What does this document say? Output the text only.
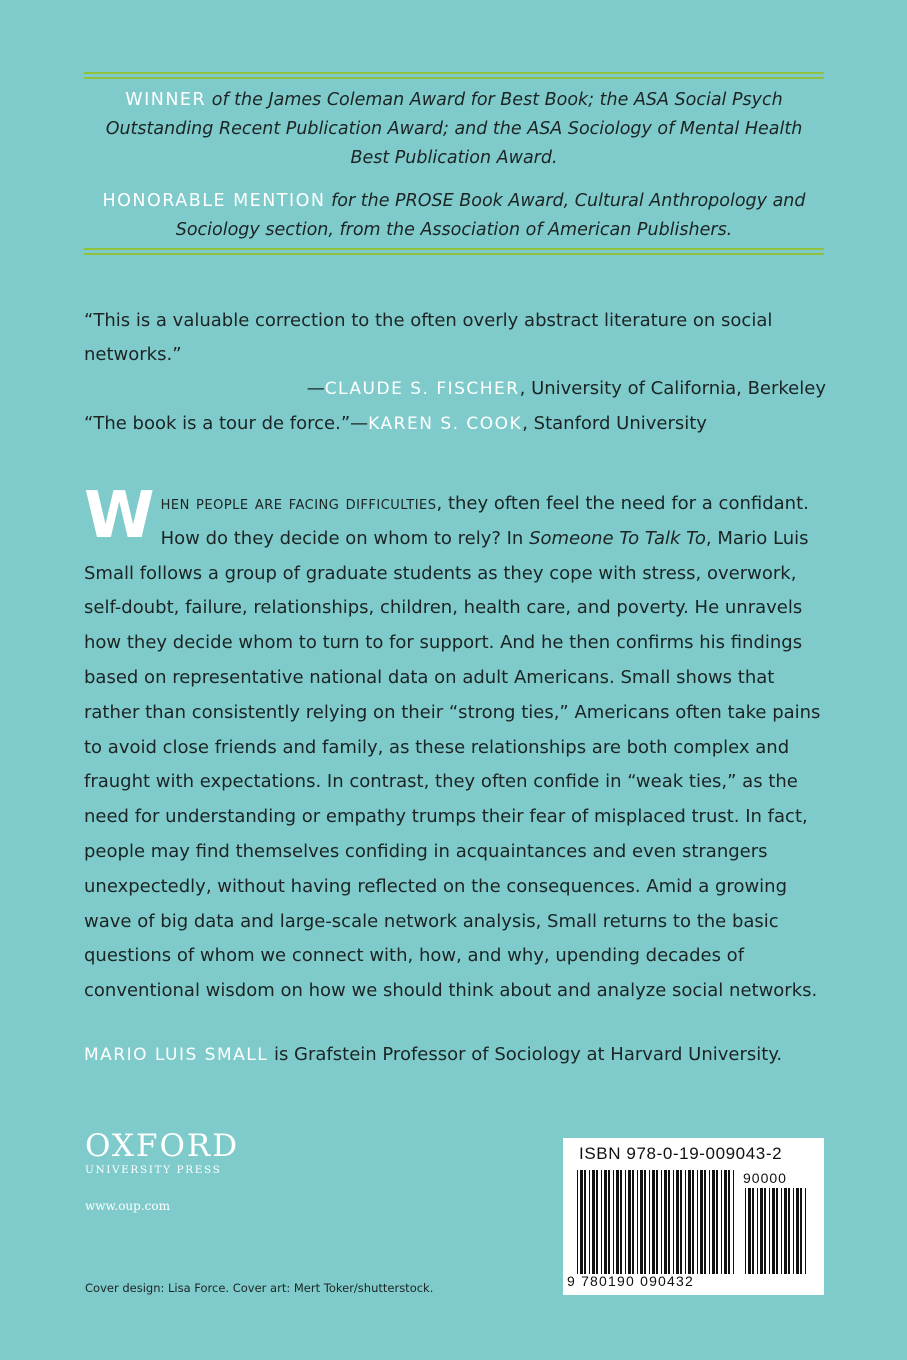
WINNER of the James Coleman Award for Best Book; the ASA Social Psych Outstanding Recent Publication Award; and the ASA Sociology of Mental Health Best Publication Award.

HONORABLE MENTION for the PROSE Book Award, Cultural Anthropology and Sociology section, from the Association of American Publishers.

“This is a valuable correction to the often overly abstract literature on social networks.”
—CLAUDE S. FISCHER, University of California, Berkeley
“The book is a tour de force.”—KAREN S. COOK, Stanford University
When people are facing difficulties, they often feel the need for a confidant. How do they decide on whom to rely? In Someone To Talk To, Mario Luis Small follows a group of graduate students as they cope with stress, overwork, self-doubt, failure, relationships, children, health care, and poverty. He unravels how they decide whom to turn to for support. And he then confirms his findings based on representative national data on adult Americans. Small shows that rather than consistently relying on their “strong ties,” Americans often take pains to avoid close friends and family, as these relationships are both complex and fraught with expectations. In contrast, they often confide in “weak ties,” as the need for understanding or empathy trumps their fear of misplaced trust. In fact, people may find themselves confiding in acquaintances and even strangers unexpectedly, without having reflected on the consequences. Amid a growing wave of big data and large-scale network analysis, Small returns to the basic questions of whom we connect with, how, and why, upending decades of conventional wisdom on how we should think about and analyze social networks.
MARIO LUIS SMALL is Grafstein Professor of Sociology at Harvard University.
OXFORD
UNIVERSITY PRESS
www.oup.com
Cover design: Lisa Force. Cover art: Mert Toker/shutterstock.
ISBN 978-0-19-009043-2
90000
9 780190 090432
